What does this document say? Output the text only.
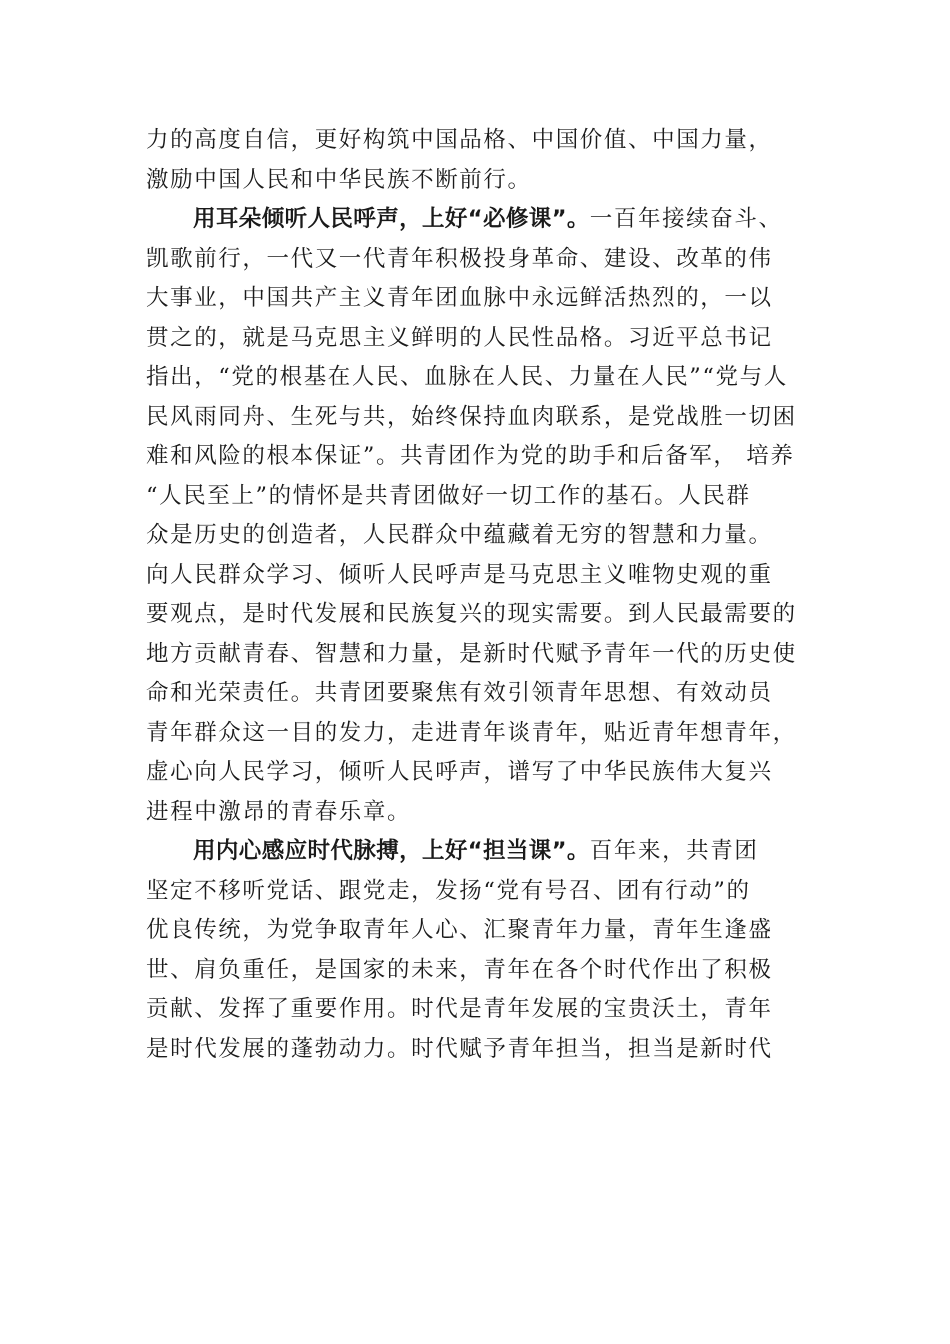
力的高度自信，更好构筑中国品格、中国价值、中国力量，
激励中国人民和中华民族不断前行。
用耳朵倾听人民呼声，上好“必修课”。一百年接续奋斗、
凯歌前行，一代又一代青年积极投身革命、建设、改革的伟
大事业，中国共产主义青年团血脉中永远鲜活热烈的，一以
贯之的，就是马克思主义鲜明的人民性品格。习近平总书记
指出，“党的根基在人民、血脉在人民、力量在人民”“党与人
民风雨同舟、生死与共，始终保持血肉联系，是党战胜一切困
难和风险的根本保证”。共青团作为党的助手和后备军， 培养
“人民至上”的情怀是共青团做好一切工作的基石。人民群
众是历史的创造者，人民群众中蕴藏着无穷的智慧和力量。
向人民群众学习、倾听人民呼声是马克思主义唯物史观的重
要观点，是时代发展和民族复兴的现实需要。到人民最需要的
地方贡献青春、智慧和力量，是新时代赋予青年一代的历史使
命和光荣责任。共青团要聚焦有效引领青年思想、有效动员
青年群众这一目的发力，走进青年谈青年，贴近青年想青年，
虚心向人民学习，倾听人民呼声，谱写了中华民族伟大复兴
进程中激昂的青春乐章。
用内心感应时代脉搏，上好“担当课”。百年来，共青团
坚定不移听党话、跟党走，发扬“党有号召、团有行动”的
优良传统，为党争取青年人心、汇聚青年力量，青年生逢盛
世、肩负重任，是国家的未来，青年在各个时代作出了积极
贡献、发挥了重要作用。时代是青年发展的宝贵沃土，青年
是时代发展的蓬勃动力。时代赋予青年担当，担当是新时代
